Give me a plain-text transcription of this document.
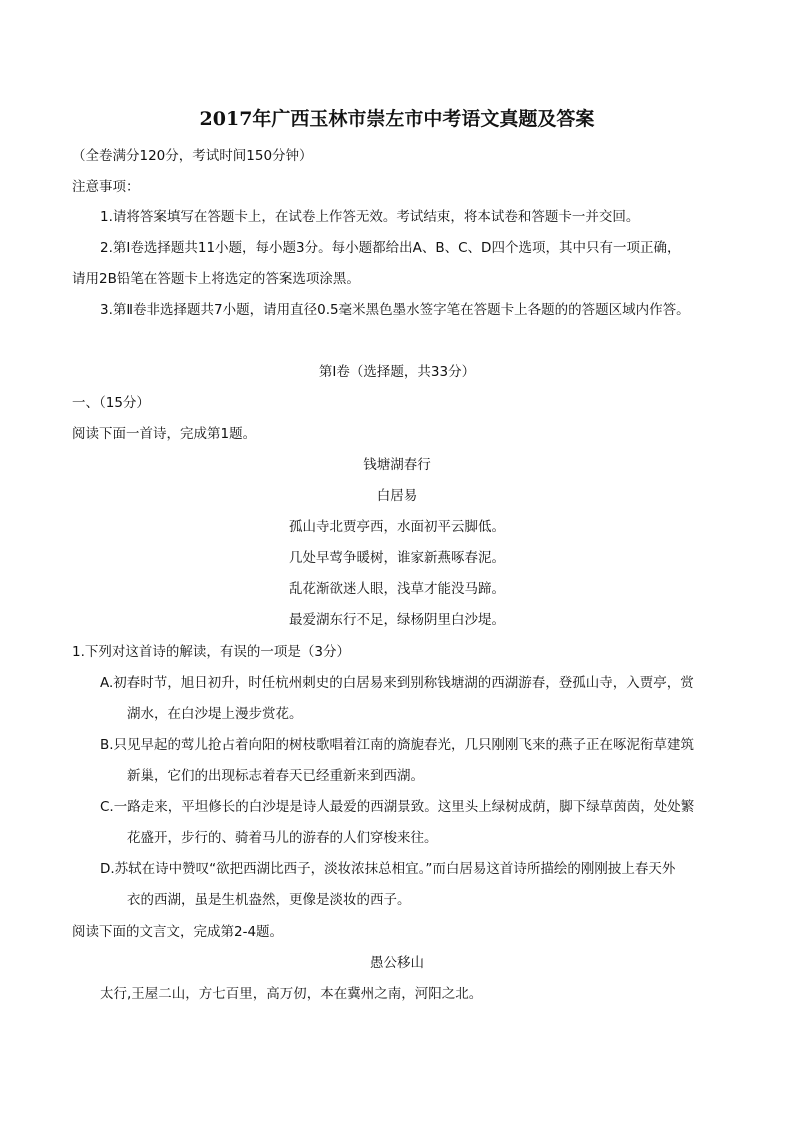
2017年广西玉林市崇左市中考语文真题及答案
（全卷满分120分，考试时间150分钟）
注意事项：
1.请将答案填写在答题卡上，在试卷上作答无效。考试结束，将本试卷和答题卡一并交回。
2.第Ⅰ卷选择题共11小题，每小题3分。每小题都给出A、B、C、D四个选项，其中只有一项正确，
请用2B铅笔在答题卡上将选定的答案选项涂黑。
3.第Ⅱ卷非选择题共7小题，请用直径0.5毫米黑色墨水签字笔在答题卡上各题的的答题区域内作答。
第Ⅰ卷（选择题，共33分）
一、（15分）
阅读下面一首诗，完成第1题。
钱塘湖春行
白居易
孤山寺北贾亭西，水面初平云脚低。
几处早莺争暖树，谁家新燕啄春泥。
乱花渐欲迷人眼，浅草才能没马蹄。
最爱湖东行不足，绿杨阴里白沙堤。
1.下列对这首诗的解读，有误的一项是（3分）
A.初春时节，旭日初升，时任杭州刺史的白居易来到别称钱塘湖的西湖游春，登孤山寺，入贾亭，赏
湖水，在白沙堤上漫步赏花。
B.只见早起的莺儿抢占着向阳的树枝歌唱着江南的旖旎春光，几只刚刚飞来的燕子正在啄泥衔草建筑
新巢，它们的出现标志着春天已经重新来到西湖。
C.一路走来，平坦修长的白沙堤是诗人最爱的西湖景致。这里头上绿树成荫，脚下绿草茵茵，处处繁
花盛开，步行的、骑着马儿的游春的人们穿梭来往。
D.苏轼在诗中赞叹“欲把西湖比西子，淡妆浓抹总相宜。”而白居易这首诗所描绘的刚刚披上春天外
衣的西湖，虽是生机盎然，更像是淡妆的西子。
阅读下面的文言文，完成第2-4题。
愚公移山
太行,王屋二山，方七百里，高万仞，本在冀州之南，河阳之北。
